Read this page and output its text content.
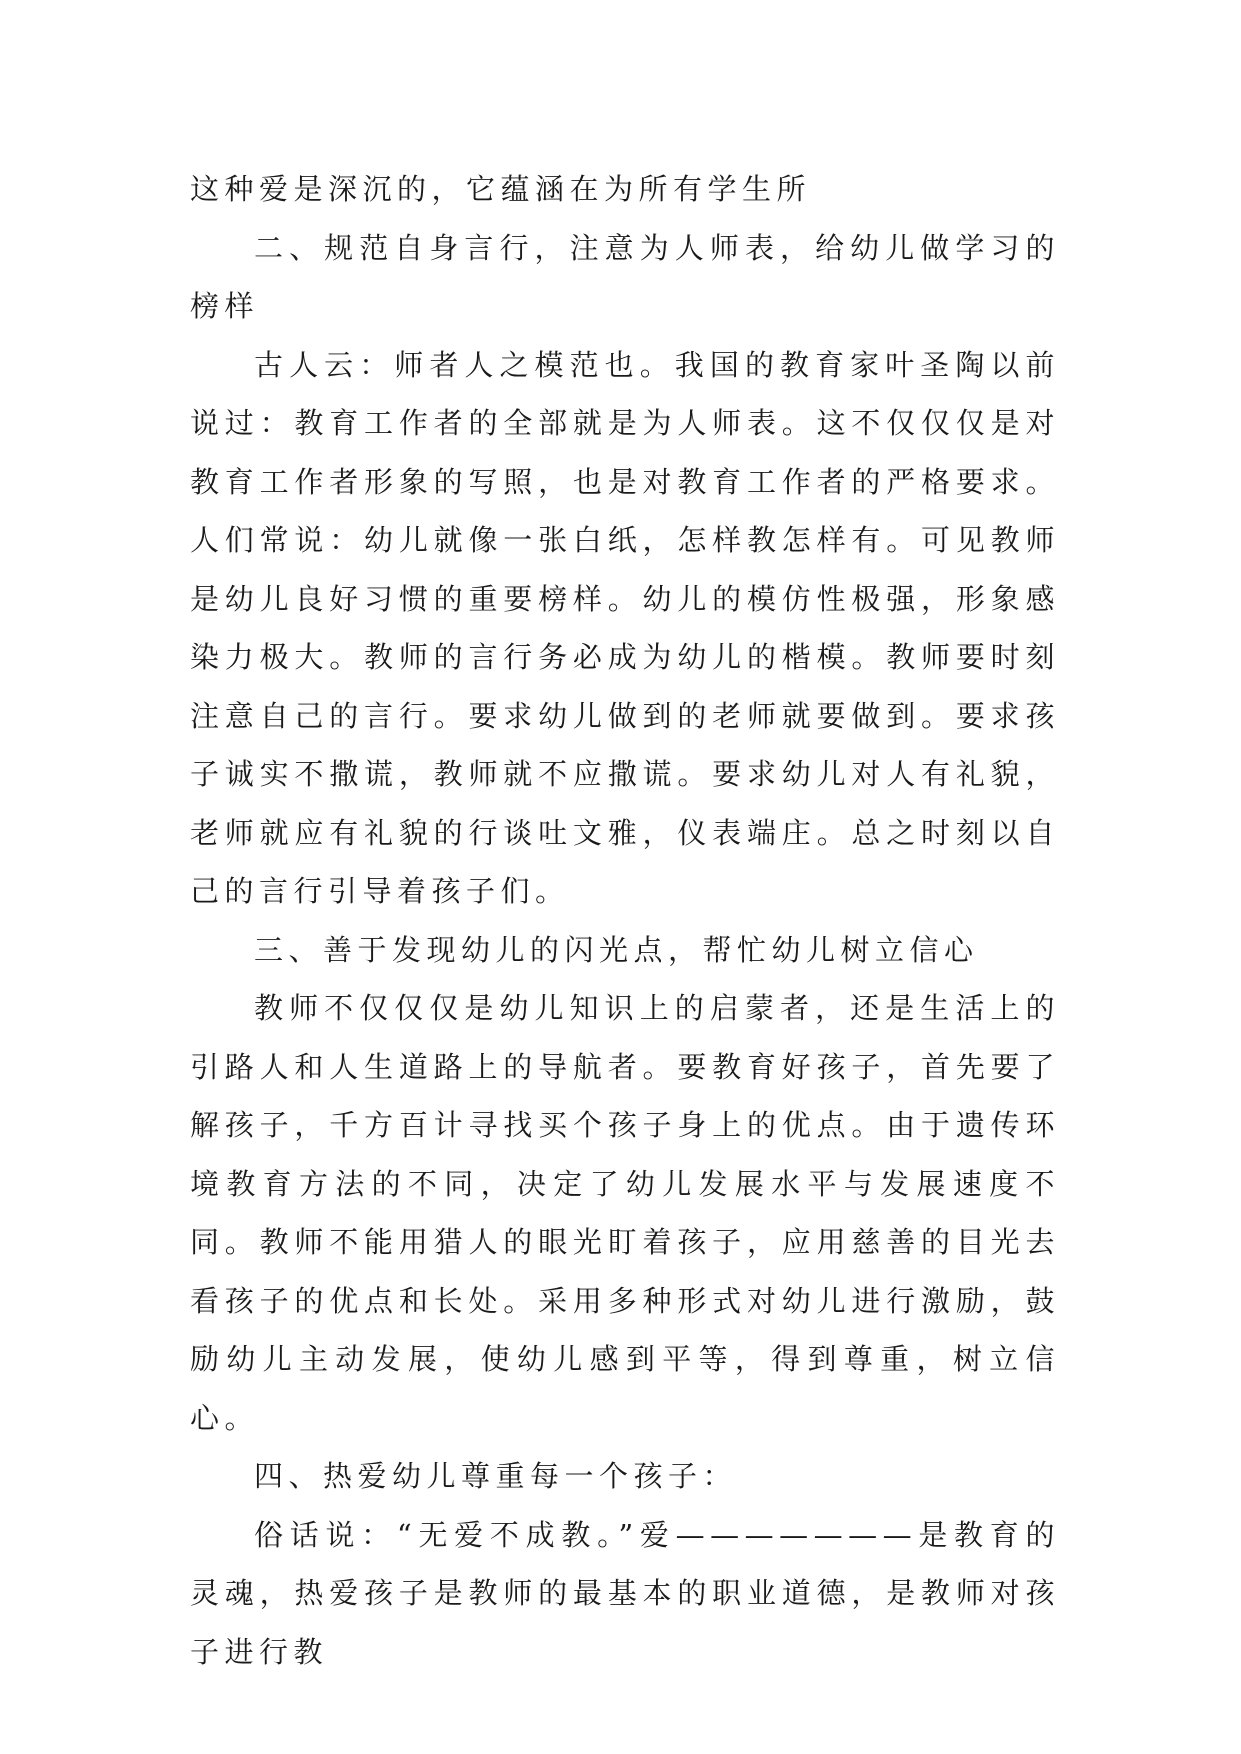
这种爱是深沉的，它蕴涵在为所有学生所

二、规范自身言行，注意为人师表，给幼儿做学习的榜样

古人云：师者人之模范也。我国的教育家叶圣陶以前说过：教育工作者的全部就是为人师表。这不仅仅仅是对教育工作者形象的写照，也是对教育工作者的严格要求。人们常说：幼儿就像一张白纸，怎样教怎样有。可见教师是幼儿良好习惯的重要榜样。幼儿的模仿性极强，形象感染力极大。教师的言行务必成为幼儿的楷模。教师要时刻注意自己的言行。要求幼儿做到的老师就要做到。要求孩子诚实不撒谎，教师就不应撒谎。要求幼儿对人有礼貌，老师就应有礼貌的行谈吐文雅，仪表端庄。总之时刻以自己的言行引导着孩子们。

三、善于发现幼儿的闪光点，帮忙幼儿树立信心

教师不仅仅仅是幼儿知识上的启蒙者，还是生活上的引路人和人生道路上的导航者。要教育好孩子，首先要了解孩子，千方百计寻找买个孩子身上的优点。由于遗传环境教育方法的不同，决定了幼儿发展水平与发展速度不同。教师不能用猎人的眼光盯着孩子，应用慈善的目光去看孩子的优点和长处。采用多种形式对幼儿进行激励，鼓励幼儿主动发展，使幼儿感到平等，得到尊重，树立信心。

四、热爱幼儿尊重每一个孩子：

俗话说：“无爱不成教。”爱———————是教育的灵魂，热爱孩子是教师的最基本的职业道德，是教师对孩子进行教
